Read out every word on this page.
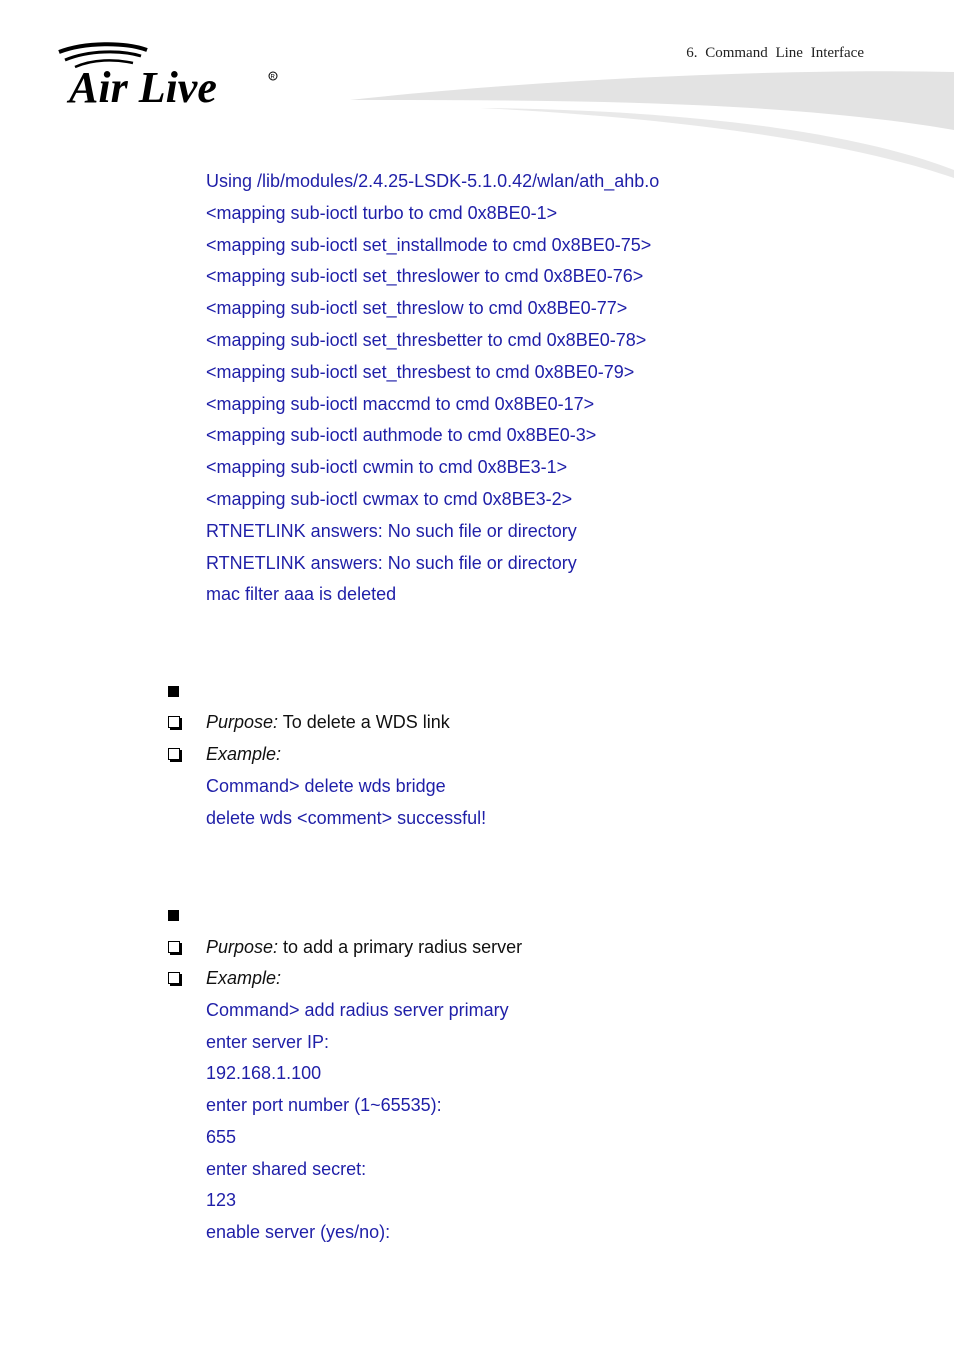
6. Command Line Interface
Air Live	R
Using /lib/modules/2.4.25-LSDK-5.1.0.42/wlan/ath_ahb.o
<mapping sub-ioctl turbo to cmd 0x8BE0-1>
<mapping sub-ioctl set_installmode to cmd 0x8BE0-75>
<mapping sub-ioctl set_threslower to cmd 0x8BE0-76>
<mapping sub-ioctl set_threslow to cmd 0x8BE0-77>
<mapping sub-ioctl set_thresbetter to cmd 0x8BE0-78>
<mapping sub-ioctl set_thresbest to cmd 0x8BE0-79>
<mapping sub-ioctl maccmd to cmd 0x8BE0-17>
<mapping sub-ioctl authmode to cmd 0x8BE0-3>
<mapping sub-ioctl cwmin to cmd 0x8BE3-1>
<mapping sub-ioctl cwmax to cmd 0x8BE3-2>
RTNETLINK answers: No such file or directory
RTNETLINK answers: No such file or directory
mac filter aaa is deleted
Purpose: To delete a WDS link
Example:
Command> delete wds bridge
delete wds <comment> successful!
Purpose: to add a primary radius server
Example:
Command> add radius server primary
enter server IP:
192.168.1.100
enter port number (1~65535):
655
enter shared secret:
123
enable server (yes/no):
